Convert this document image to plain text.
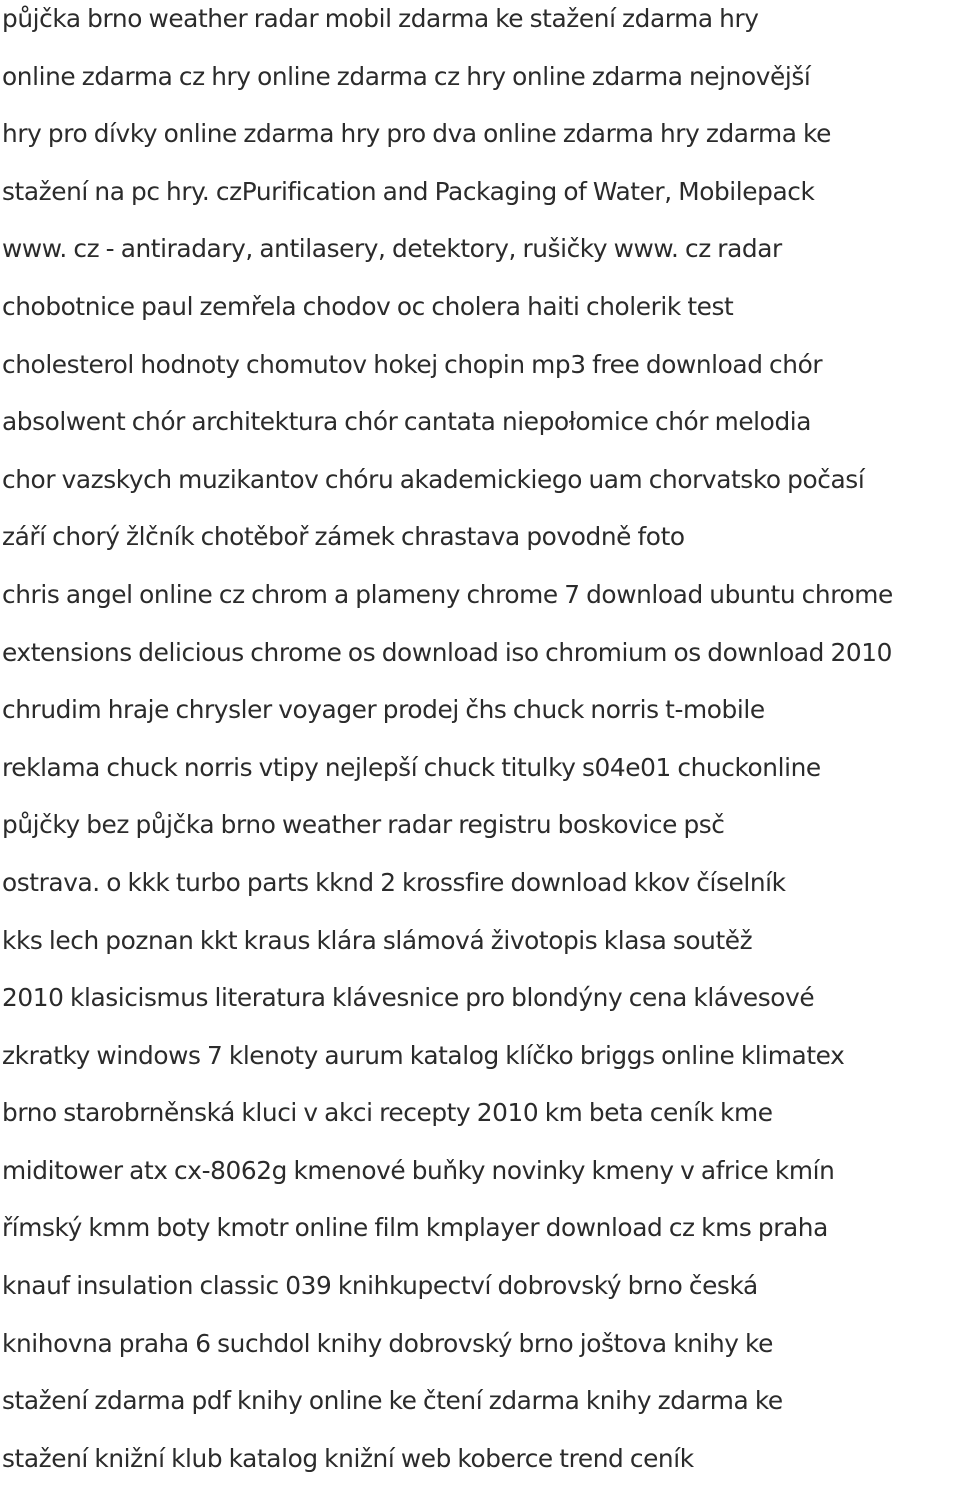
půjčka brno weather radar mobil zdarma ke stažení zdarma hry

online zdarma cz hry online zdarma cz hry online zdarma nejnovější

hry pro dívky online zdarma hry pro dva online zdarma hry zdarma ke

stažení na pc hry. czPurification and Packaging of Water, Mobilepack

www. cz - antiradary, antilasery, detektory, rušičky www. cz radar

chobotnice paul zemřela chodov oc cholera haiti cholerik test

cholesterol hodnoty chomutov hokej chopin mp3 free download chór

absolwent chór architektura chór cantata niepołomice chór melodia

chor vazskych muzikantov chóru akademickiego uam chorvatsko počasí

září chorý žlčník chotěboř zámek chrastava povodně foto

chris angel online cz chrom a plameny chrome 7 download ubuntu chrome

extensions delicious chrome os download iso chromium os download 2010

chrudim hraje chrysler voyager prodej čhs chuck norris t-mobile

reklama chuck norris vtipy nejlepší chuck titulky s04e01 chuckonline

půjčky bez půjčka brno weather radar registru boskovice psč

ostrava. o kkk turbo parts kknd 2 krossfire download kkov číselník

kks lech poznan kkt kraus klára slámová životopis klasa soutěž

2010 klasicismus literatura klávesnice pro blondýny cena klávesové

zkratky windows 7 klenoty aurum katalog klíčko briggs online klimatex

brno starobrněnská kluci v akci recepty 2010 km beta ceník kme

miditower atx cx-8062g kmenové buňky novinky kmeny v africe kmín

římský kmm boty kmotr online film kmplayer download cz kms praha

knauf insulation classic 039 knihkupectví dobrovský brno česká

knihovna praha 6 suchdol knihy dobrovský brno joštova knihy ke

stažení zdarma pdf knihy online ke čtení zdarma knihy zdarma ke

stažení knižní klub katalog knižní web koberce trend ceník
